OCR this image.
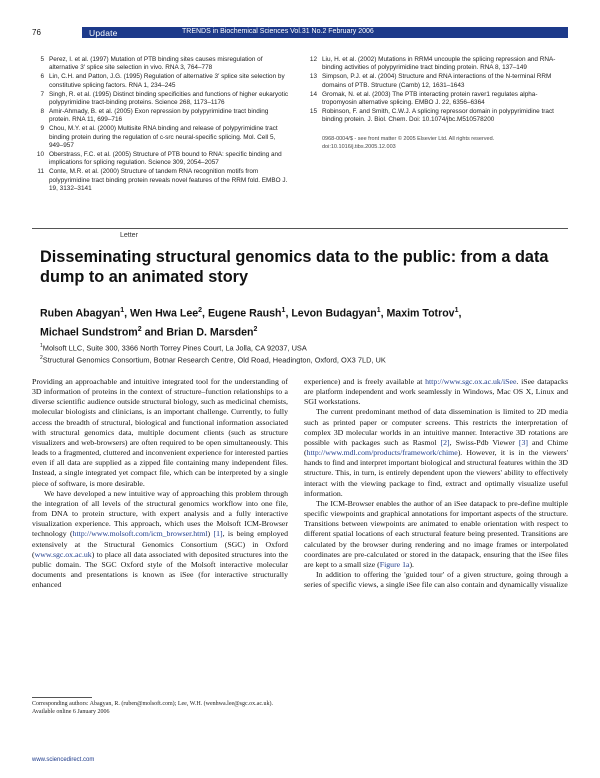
76	Update	TRENDS in Biochemical Sciences Vol.31 No.2 February 2006
5 Perez, I. et al. (1997) Mutation of PTB binding sites causes misregulation of alternative 3′ splice site selection in vivo. RNA 3, 764–778
6 Lin, C.H. and Patton, J.G. (1995) Regulation of alternative 3′ splice site selection by constitutive splicing factors. RNA 1, 234–245
7 Singh, R. et al. (1995) Distinct binding specificities and functions of higher eukaryotic polypyrimidine tract-binding proteins. Science 268, 1173–1176
8 Amir-Ahmady, B. et al. (2005) Exon repression by polypyrimidine tract binding protein. RNA 11, 699–716
9 Chou, M.Y. et al. (2000) Multisite RNA binding and release of polypyrimidine tract binding protein during the regulation of c-src neural-specific splicing. Mol. Cell 5, 949–957
10 Oberstrass, F.C. et al. (2005) Structure of PTB bound to RNA: specific binding and implications for splicing regulation. Science 309, 2054–2057
11 Conte, M.R. et al. (2000) Structure of tandem RNA recognition motifs from polypyrimidine tract binding protein reveals novel features of the RRM fold. EMBO J. 19, 3132–3141
12 Liu, H. et al. (2002) Mutations in RRM4 uncouple the splicing repression and RNA-binding activities of polypyrimidine tract binding protein. RNA 8, 137–149
13 Simpson, P.J. et al. (2004) Structure and RNA interactions of the N-terminal RRM domains of PTB. Structure (Camb) 12, 1631–1643
14 Gromak, N. et al. (2003) The PTB interacting protein raver1 regulates alpha-tropomyosin alternative splicing. EMBO J. 22, 6356–6364
15 Robinson, F. and Smith, C.W.J. A splicing repressor domain in polypyrimidine tract binding protein. J. Biol. Chem. Doi: 10.1074/jbc.M510578200
0968-0004/$ - see front matter © 2005 Elsevier Ltd. All rights reserved.
doi:10.1016/j.tibs.2005.12.003
Letter
Disseminating structural genomics data to the public: from a data dump to an animated story
Ruben Abagyan$^1$, Wen Hwa Lee$^2$, Eugene Raush$^1$, Levon Budagyan$^1$, Maxim Totrov$^1$,
Michael Sundstrom$^2$ and Brian D. Marsden$^2$
$^1$Molsoft LLC, Suite 300, 3366 North Torrey Pines Court, La Jolla, CA 92037, USA
$^2$Structural Genomics Consortium, Botnar Research Centre, Old Road, Headington, Oxford, OX3 7LD, UK

Providing an approachable and intuitive integrated tool for the understanding of 3D information of proteins in the context of structure–function relationships to a diverse scientific audience outside structural biology, such as medicinal chemists, molecular biologists and clinicians, is an important challenge. Currently, to fully access the breadth of structural, biological and functional information associated with structural genomics data, multiple document clients (such as structure visualizers and web-browsers) are often required to be open simultaneously. This leads to a fragmented, cluttered and inconvenient experience for interested parties even if all data are supplied as a zipped file containing many independent files. Instead, a single integrated yet compact file, which can be interpreted by a single piece of software, is more desirable.

We have developed a new intuitive way of approaching this problem through the integration of all levels of the structural genomics workflow into one file, from DNA to protein structure, with expert analysis and a fully interactive visualization experience. This approach, which uses the Molsoft ICM-Browser technology (http://www.molsoft.com/icm_browser.html) [1], is being employed extensively at the Structural Genomics Consortium (SGC) in Oxford (www.sgc.ox.ac.uk) to place all data associated with deposited structures into the public domain. The SGC Oxford style of the Molsoft interactive molecular documents and presentations is known as iSee (for interactive structurally enhanced

experience) and is freely available at http://www.sgc.ox.ac.uk/iSee. iSee datapacks are platform independent and work seamlessly in Windows, Mac OS X, Linux and SGI workstations.

The current predominant method of data dissemination is limited to 2D media such as printed paper or computer screens. This restricts the interpretation of complex 3D molecular worlds in an intuitive manner. Interactive 3D rotations are possible with packages such as Rasmol [2], Swiss-Pdb Viewer [3] and Chime (http://www.mdl.com/products/framework/chime). However, it is in the viewers' hands to find and interpret important biological and structural features within the 3D structure. This, in turn, is entirely dependent upon the viewers' ability to effectively interact with the viewing package to find, extract and optimally visualize useful information.

The ICM-Browser enables the author of an iSee datapack to pre-define multiple specific viewpoints and graphical annotations for important aspects of the structure. Transitions between viewpoints are animated to enable orientation with respect to different spatial locations of each structural feature being presented. Transitions are calculated by the browser during rendering and no image frames or interpolated coordinates are pre-calculated or stored in the datapack, ensuring that the iSee files are kept to a small size (Figure 1a).

In addition to offering the 'guided tour' of a given structure, going through a series of specific views, a single iSee file can also contain and dynamically visualize

Corresponding authors: Abagyan, R. (ruben@molsoft.com); Lee, W.H. (wenhwa.lee@sgc.ox.ac.uk).
Available online 6 January 2006
www.sciencedirect.com
